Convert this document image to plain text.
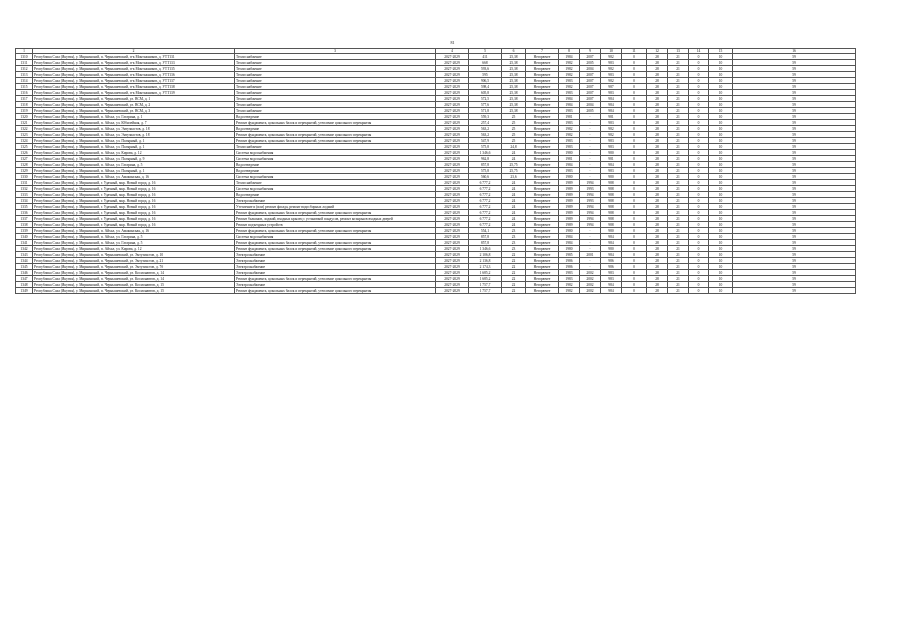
81
1	2	3	4	5	6	7	8	9	10	11	12	13	14	15	16
1310	Республика Саха (Якутия), у. Мирнинский, п. Чернышевский, п-к Монтажников, д. УТТ131	Теплоснабжение	2027-2029	411	25,38	Негорючее	1984	2007	982	0	28	21	0	10	59
1311	Республика Саха (Якутия), у. Мирнинский, п. Чернышевский, п-к Монтажников, д. УТТ133	Теплоснабжение	2027-2029	668	25,38	Негорючее	1982	2005	983	0	28	21	0	10	59
1312	Республика Саха (Якутия), у. Мирнинский, п. Чернышевский, п-к Монтажников, д. УТТ135	Теплоснабжение	2027-2029	593,6	25,38	Негорючее	1982	2004	982	0	28	21	0	10	59
1313	Республика Саха (Якутия), у. Мирнинский, п. Чернышевский, п-к Монтажников, д. УТТ136	Теплоснабжение	2027-2029	595	25,38	Негорючее	1982	2007	983	0	28	21	0	10	59
1314	Республика Саха (Якутия), у. Мирнинский, п. Чернышевский, п-к Монтажников, д. УТТ137	Теплоснабжение	2027-2029	906,5	25,38	Негорючее	1983	2007	982	0	28	21	0	10	59
1315	Республика Саха (Якутия), у. Мирнинский, п. Чернышевский, п-к Монтажников, д. УТТ138	Теплоснабжение	2027-2029	598,4	25,38	Негорючее	1982	2007	987	0	28	21	0	10	59
1316	Республика Саха (Якутия), у. Мирнинский, п. Чернышевский, п-к Монтажников, д. УТТ139	Теплоснабжение	2027-2029	605,8	25,38	Негорючее	1983	2007	983	0	28	21	0	10	59
1317	Республика Саха (Якутия), у. Мирнинский, п. Чернышевский, ул. ВСМ, д. 1	Теплоснабжение	2027-2029	572,5	25,38	Негорючее	1984	2007	984	0	28	21	0	10	59
1318	Республика Саха (Якутия), у. Мирнинский, п. Чернышевский, ул. ВСМ, д. 2	Теплоснабжение	2027-2029	577,6	25,38	Негорючее	1984	2004	984	0	28	21	0	10	59
1319	Республика Саха (Якутия), у. Мирнинский, п. Чернышевский, ул. ВСМ, д. 3	Теплоснабжение	2027-2029	571,8	25,38	Негорючее	1983	2005	984	0	28	21	0	10	59
1320	Республика Саха (Якутия), у. Мирнинский, п. Айхал, ул. Гагарина, д. 1	Водоотведение	2027-2029	559,3	25	Негорючее	1981	-	981	0	28	21	0	10	59
1321	Республика Саха (Якутия), у. Мирнинский, п. Айхал, ул. Юбилейная, д. 7	Ремонт фундамента, цокольных балок и перекрытий, утепление цокольного перекрытия	2027-2029	257,4	25	Негорючее	1983	-	983	0	28	21	0	10	59
1322	Республика Саха (Якутия), у. Мирнинский, п. Айхал, ул. Энтузиастов, д. 18	Водоотведение	2027-2029	563,2	25	Негорючее	1982	-	982	0	28	21	0	10	59
1323	Республика Саха (Якутия), у. Мирнинский, п. Айхал, ул. Энтузиастов, д. 18	Ремонт фундамента, цокольных балок и перекрытий, утепление цокольного перекрытия	2027-2029	563,2	25	Негорючее	1982	-	982	0	28	21	0	10	59
1324	Республика Саха (Якутия), у. Мирнинский, п. Айхал, ул. Полярный, д. 1	Ремонт фундамента, цокольных балок и перекрытий, утепление цокольного перекрытия	2027-2029	547,9	25	Негорючее	1983	-	983	0	28	21	0	10	59
1325	Республика Саха (Якутия), у. Мирнинский, п. Айхал, ул. Полярный, д. 1	Теплоснабжение	2027-2029	575,8	24,8	Негорючее	1983	-	983	0	28	21	0	10	59
1326	Республика Саха (Якутия), у. Мирнинский, п. Айхал, ул. Кирова, д. 12	Система водоснабжения	2027-2029	1 346,6	24	Негорючее	1980	-	980	0	28	21	0	10	59
1327	Республика Саха (Якутия), у. Мирнинский, п. Айхал, ул. Полярный, д. 9	Система водоснабжения	2027-2029	962,8	24	Негорючее	1981	-	981	0	28	21	0	10	59
1328	Республика Саха (Якутия), у. Мирнинский, п. Айхал, ул. Гагарина, д. 5	Водоотведение	2027-2029	857,8	25,75	Негорючее	1984	-	984	0	28	21	0	10	59
1329	Республика Саха (Якутия), у. Мирнинский, п. Айхал, ул. Полярный, д. 1	Водоотведение	2027-2029	575,8	25,75	Негорючее	1983	-	983	0	28	21	0	10	59
1330	Республика Саха (Якутия), у. Мирнинский, п. Айхал, ул. Амакинская, д. 16	Система водоснабжения	2027-2029	560,6	23,6	Негорючее	1980	-	980	0	28	21	0	10	59
1331	Республика Саха (Якутия), у. Мирнинский, г. Удачный, мкр. Новый город, д. 16	Теплоснабжение	2027-2029	6 777,2	24	Негорючее	1989	1994	988	0	28	21	0	10	59
1332	Республика Саха (Якутия), у. Мирнинский, г. Удачный, мкр. Новый город, д. 16	Система водоснабжения	2027-2029	6 777,2	24	Негорючее	1989	1993	988	0	28	21	0	10	59
1333	Республика Саха (Якутия), у. Мирнинский, г. Удачный, мкр. Новый город, д. 16	Водоотведение	2027-2029	6 777,2	24	Негорючее	1989	1994	988	0	28	21	0	10	59
1334	Республика Саха (Якутия), у. Мирнинский, г. Удачный, мкр. Новый город, д. 16	Электроснабжение	2027-2029	6 777,2	24	Негорючее	1989	1993	988	0	28	21	0	10	59
1335	Республика Саха (Якутия), у. Мирнинский, г. Удачный, мкр. Новый город, д. 16	Утепление и (или) ремонт фасада, ремонт водосборных лоджий	2027-2029	6 777,2	24	Негорючее	1989	1994	988	0	28	21	0	10	59
1336	Республика Саха (Якутия), у. Мирнинский, г. Удачный, мкр. Новый город, д. 16	Ремонт фундамента, цокольных балок и перекрытий, утепление цокольного перекрытия	2027-2029	6 777,2	24	Негорючее	1989	1994	988	0	28	21	0	10	59
1337	Республика Саха (Якутия), у. Мирнинский, г. Удачный, мкр. Новый город, д. 16	Ремонт балконов, лоджий, входных крылец с установкой пандусов, ремонт козырьков входных дверей	2027-2029	6 777,2	24	Негорючее	1989	1994	988	0	28	21	0	10	59
1338	Республика Саха (Якутия), у. Мирнинский, г. Удачный, мкр. Новый город, д. 16	Ремонт подъездных устройств	2027-2029	6 777,2	24	Негорючее	1989	1994	988	0	28	21	0	10	59
1339	Республика Саха (Якутия), у. Мирнинский, п. Айхал, ул. Амакинская, д. 16	Ремонт фундамента, цокольных балок и перекрытий, утепление цокольного перекрытия	2027-2029	554,1	23	Негорючее	1980	-	980	0	28	21	0	10	59
1340	Республика Саха (Якутия), у. Мирнинский, п. Айхал, ул. Гагарина, д. 5	Система водоснабжения	2027-2029	857,8	23	Негорючее	1984	-	984	0	28	21	0	10	59
1341	Республика Саха (Якутия), у. Мирнинский, п. Айхал, ул. Гагарина, д. 5	Ремонт фундамента, цокольных балок и перекрытий, утепление цокольного перекрытия	2027-2029	857,8	23	Негорючее	1984	-	984	0	28	21	0	10	59
1342	Республика Саха (Якутия), у. Мирнинский, п. Айхал, ул. Кирова, д. 12	Ремонт фундамента, цокольных балок и перекрытий, утепление цокольного перекрытия	2027-2029	1 346,6	23	Негорючее	1980	-	980	0	28	21	0	10	59
1343	Республика Саха (Якутия), у. Мирнинский, п. Чернышевский, ул. Энтузиастов, д. 10	Электроснабжение	2027-2029	2 106,8	22	Негорючее	1985	2001	984	0	28	21	0	10	59
1344	Республика Саха (Якутия), у. Мирнинский, п. Чернышевский, ул. Энтузиастов, д. 21	Электроснабжение	2027-2029	2 136,8	22	Негорючее	1986	-	986	0	28	21	0	10	59
1345	Республика Саха (Якутия), у. Мирнинский, п. Чернышевский, ул. Энтузиастов, д. 7б	Электроснабжение	2027-2029	2 174,3	22	Негорючее	1986	-	986	0	28	21	0	10	59
1346	Республика Саха (Якутия), у. Мирнинский, п. Чернышевский, ул. Космонавтов, д. 14	Электроснабжение	2027-2029	1 685,2	22	Негорючее	1983	2002	983	0	28	21	0	10	59
1347	Республика Саха (Якутия), у. Мирнинский, п. Чернышевский, ул. Космонавтов, д. 14	Ремонт фундамента, цокольных балок и перекрытий, утепление цокольного перекрытия	2027-2029	1 685,2	22	Негорючее	1983	2002	983	0	28	21	0	10	59
1348	Республика Саха (Якутия), у. Мирнинский, п. Чернышевский, ул. Космонавтов, д. 15	Электроснабжение	2027-2029	1 757,7	22	Негорючее	1982	2002	984	0	28	21	0	10	59
1349	Республика Саха (Якутия), у. Мирнинский, п. Чернышевский, ул. Космонавтов, д. 15	Ремонт фундамента, цокольных балок и перекрытий, утепление цокольного перекрытия	2027-2029	1 757,7	22	Негорючее	1982	2002	984	0	28	21	0	10	59
